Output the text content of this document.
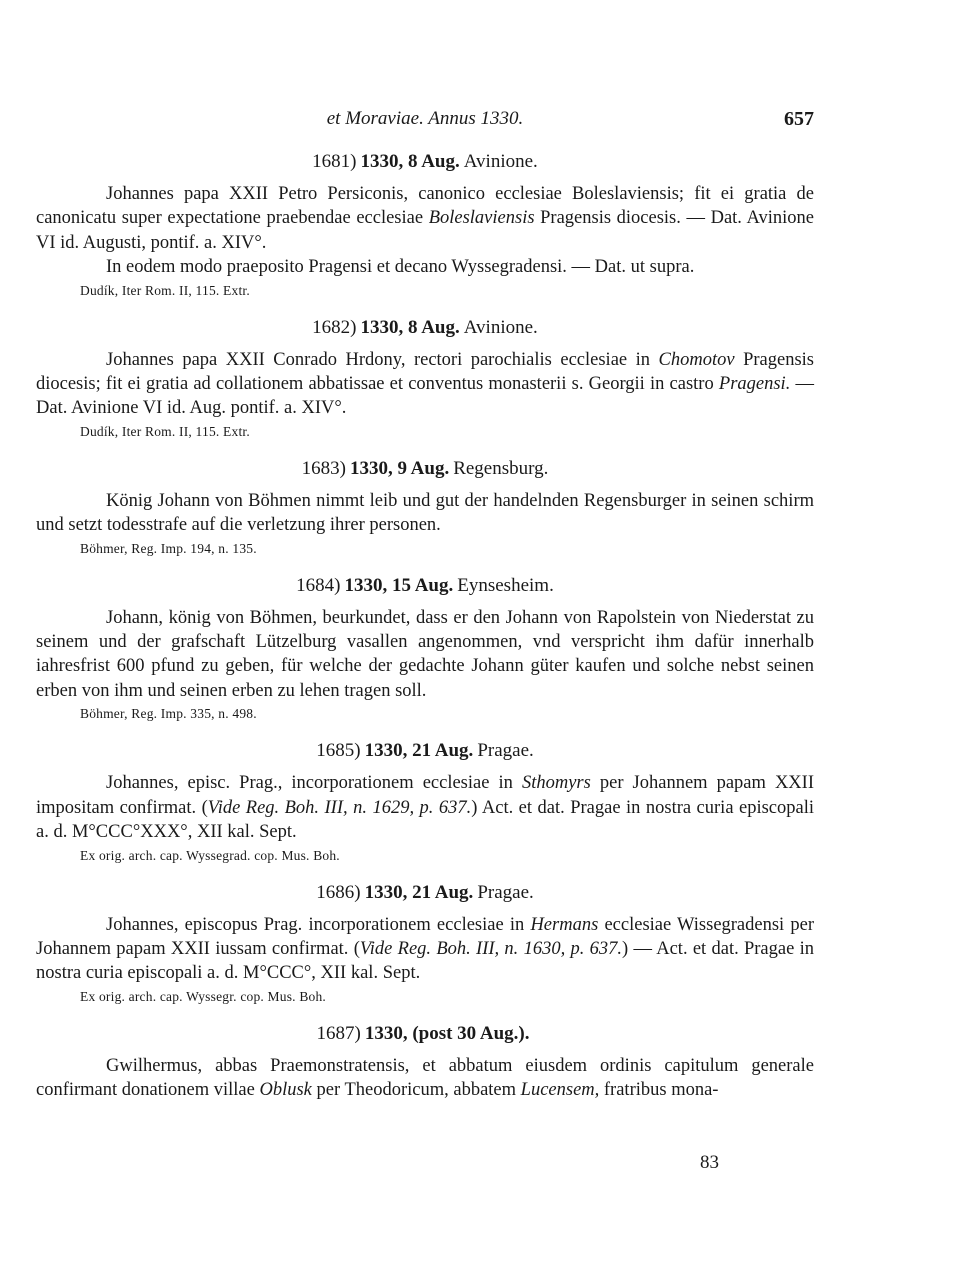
et Moraviae. Annus 1330.	657
1681) 1330, 8 Aug. Avinione.

Johannes papa XXII Petro Persiconis, canonico ecclesiae Boleslaviensis; fit ei gratia de canonicatu super expectatione praebendae ecclesiae Boleslaviensis Pragensis diocesis. — Dat. Avinione VI id. Augusti, pontif. a. XIV°.

In eodem modo praeposito Pragensi et decano Wyssegradensi. — Dat. ut supra.

Dudík, Iter Rom. II, 115. Extr.
1682) 1330, 8 Aug. Avinione.

Johannes papa XXII Conrado Hrdony, rectori parochialis ecclesiae in Chomotov Pragensis diocesis; fit ei gratia ad collationem abbatissae et conventus monasterii s. Georgii in castro Pragensi. — Dat. Avinione VI id. Aug. pontif. a. XIV°.

Dudík, Iter Rom. II, 115. Extr.
1683) 1330, 9 Aug. Regensburg.

König Johann von Böhmen nimmt leib und gut der handelnden Regensburger in seinen schirm und setzt todesstrafe auf die verletzung ihrer personen.

Böhmer, Reg. Imp. 194, n. 135.
1684) 1330, 15 Aug. Eynsesheim.

Johann, könig von Böhmen, beurkundet, dass er den Johann von Rapolstein von Niederstat zu seinem und der grafschaft Lützelburg vasallen angenommen, vnd verspricht ihm dafür innerhalb iahresfrist 600 pfund zu geben, für welche der gedachte Johann güter kaufen und solche nebst seinen erben von ihm und seinen erben zu lehen tragen soll.

Böhmer, Reg. Imp. 335, n. 498.
1685) 1330, 21 Aug. Pragae.

Johannes, episc. Prag., incorporationem ecclesiae in Sthomyrs per Johannem papam XXII impositam confirmat. (Vide Reg. Boh. III, n. 1629, p. 637.) Act. et dat. Pragae in nostra curia episcopali a. d. M°CCC°XXX°, XII kal. Sept.

Ex orig. arch. cap. Wyssegrad. cop. Mus. Boh.
1686) 1330, 21 Aug. Pragae.

Johannes, episcopus Prag. incorporationem ecclesiae in Hermans ecclesiae Wissegradensi per Johannem papam XXII iussam confirmat. (Vide Reg. Boh. III, n. 1630, p. 637.) — Act. et dat. Pragae in nostra curia episcopali a. d. M°CCC°, XII kal. Sept.

Ex orig. arch. cap. Wyssegr. cop. Mus. Boh.
1687) 1330, (post 30 Aug.).

Gwilhermus, abbas Praemonstratensis, et abbatum eiusdem ordinis capitulum generale confirmant donationem villae Oblusk per Theodoricum, abbatem Lucensem, fratribus mona-

83
